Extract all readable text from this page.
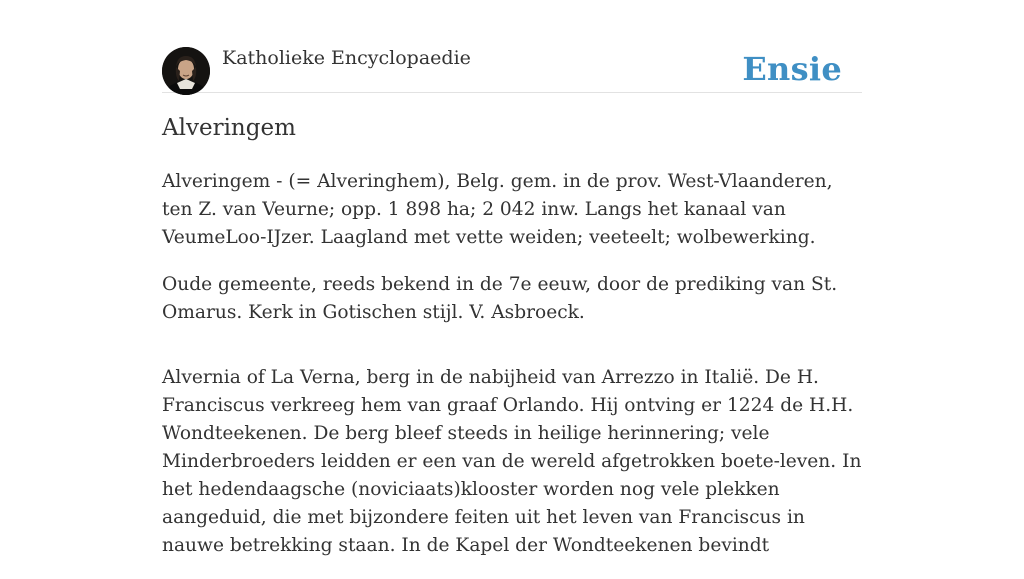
Katholieke Encyclopaedie	Ensie
Alveringem

Alveringem - (= Alveringhem), Belg. gem. in de prov. West-Vlaanderen, ten Z. van Veurne; opp. 1 898 ha; 2 042 inw. Langs het kanaal van VeumeLoo-IJzer. Laagland met vette weiden; veeteelt; wolbewerking.

Oude gemeente, reeds bekend in de 7e eeuw, door de prediking van St. Omarus. Kerk in Gotischen stijl. V. Asbroeck.

Alvernia of La Verna, berg in de nabijheid van Arrezzo in Italië. De H. Franciscus verkreeg hem van graaf Orlando. Hij ontving er 1224 de H.H. Wondteekenen. De berg bleef steeds in heilige herinnering; vele Minderbroeders leidden er een van de wereld afgetrokken boete-leven. In het hedendaagsche (noviciaats)klooster worden nog vele plekken aangeduid, die met bijzondere feiten uit het leven van Franciscus in nauwe betrekking staan. In de Kapel der Wondteekenen bevindt
